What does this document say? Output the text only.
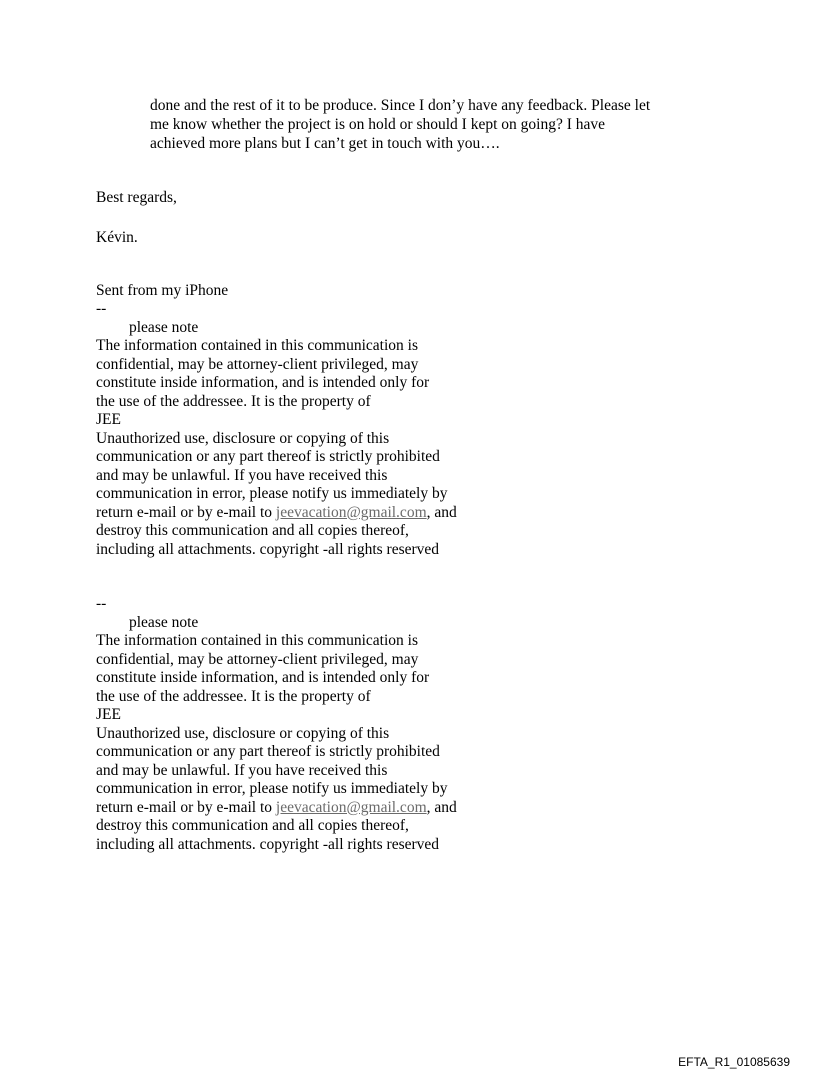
done and the rest of it to be produce. Since I don’y have any feedback. Please let
me know whether the project is on hold or should I kept on going? I have
achieved more plans but I can’t get in touch with you….
Best regards,
Kévin.
Sent from my iPhone
--
please note
The information contained in this communication is
confidential, may be attorney-client privileged, may
constitute inside information, and is intended only for
the use of the addressee. It is the property of
JEE
Unauthorized use, disclosure or copying of this
communication or any part thereof is strictly prohibited
and may be unlawful. If you have received this
communication in error, please notify us immediately by
return e-mail or by e-mail to jeevacation@gmail.com, and
destroy this communication and all copies thereof,
including all attachments. copyright -all rights reserved
--
please note
The information contained in this communication is
confidential, may be attorney-client privileged, may
constitute inside information, and is intended only for
the use of the addressee. It is the property of
JEE
Unauthorized use, disclosure or copying of this
communication or any part thereof is strictly prohibited
and may be unlawful. If you have received this
communication in error, please notify us immediately by
return e-mail or by e-mail to jeevacation@gmail.com, and
destroy this communication and all copies thereof,
including all attachments. copyright -all rights reserved
EFTA_R1_01085639
